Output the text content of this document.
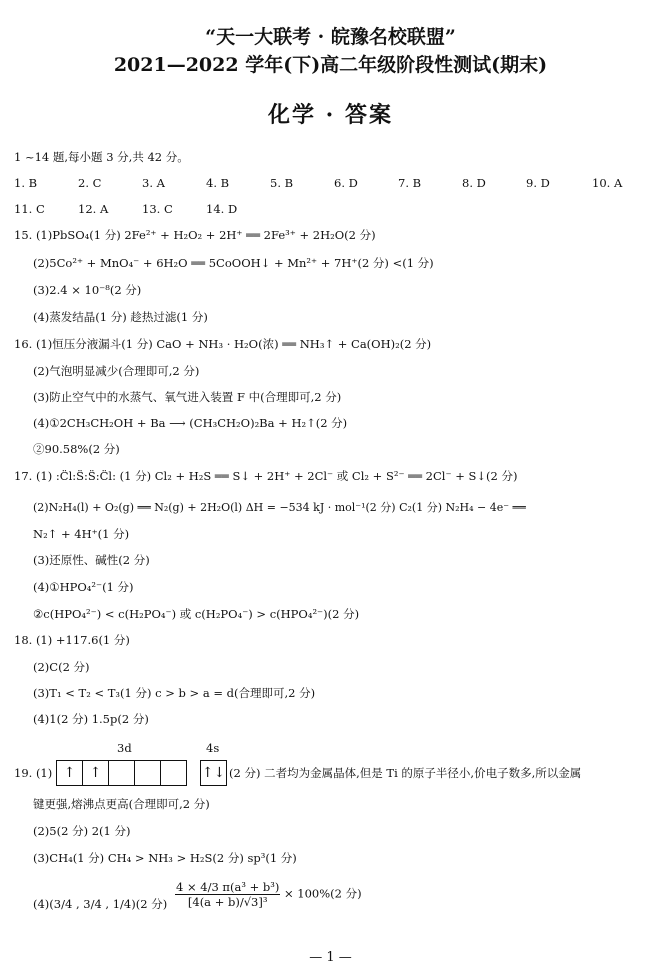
“天一大联考 · 皖豫名校联盟”
2021—2022 学年(下)高二年级阶段性测试(期末)
化学 · 答案
1 ~14 题,每小题 3 分,共 42 分。
1. B	2. C	3. A	4. B	5. B	6. D	7. B	8. D	9. D	10. A
11. C	12. A	13. C	14. D
15. (1)PbSO₄(1 分) 2Fe²⁺ + H₂O₂ + 2H⁺ ══ 2Fe³⁺ + 2H₂O(2 分)
(2)5Co²⁺ + MnO₄⁻ + 6H₂O ══ 5CoOOH↓ + Mn²⁺ + 7H⁺(2 分) <(1 分)
(3)2.4 × 10⁻⁸(2 分)
(4)蒸发结晶(1 分) 趁热过滤(1 分)
16. (1)恒压分液漏斗(1 分) CaO + NH₃ · H₂O(浓) ══ NH₃↑ + Ca(OH)₂(2 分)
(2)气泡明显减少(合理即可,2 分)
(3)防止空气中的水蒸气、氧气进入装置 F 中(合理即可,2 分)
(4)①2CH₃CH₂OH + Ba ⟶ (CH₃CH₂O)₂Ba + H₂↑(2 分)
②90.58%(2 分)
17. (1) :C̈l:S̈:S̈:C̈l: (1 分) Cl₂ + H₂S ══ S↓ + 2H⁺ + 2Cl⁻ 或 Cl₂ + S²⁻ ══ 2Cl⁻ + S↓(2 分)
(2)N₂H₄(l) + O₂(g) ══ N₂(g) + 2H₂O(l) ΔH = −534 kJ · mol⁻¹(2 分) C₂(1 分) N₂H₄ − 4e⁻ ══
N₂↑ + 4H⁺(1 分)
(3)还原性、碱性(2 分)
(4)①HPO₄²⁻(1 分)
②c(HPO₄²⁻) < c(H₂PO₄⁻) 或 c(H₂PO₄⁻) > c(HPO₄²⁻)(2 分)
18. (1) +117.6(1 分)
(2)C(2 分)
(3)T₁ < T₂ < T₃(1 分) c > b > a = d(合理即可,2 分)
(4)1(2 分) 1.5p(2 分)
3d	4s
19. (1) ↑	↑	↑↓ (2 分) 二者均为金属晶体,但是 Ti 的原子半径小,价电子数多,所以金属
键更强,熔沸点更高(合理即可,2 分)
(2)5(2 分) 2(1 分)
(3)CH₄(1 分) CH₄ > NH₃ > H₂S(2 分) sp³(1 分)
(4)(3/4 , 3/4 , 1/4)(2 分) $\frac{\text{4 × 4/3 π(a³ + b³)}}{\text{[4(a + b)/√3]³}} \times 100\%(2$ 分)
— 1 —
